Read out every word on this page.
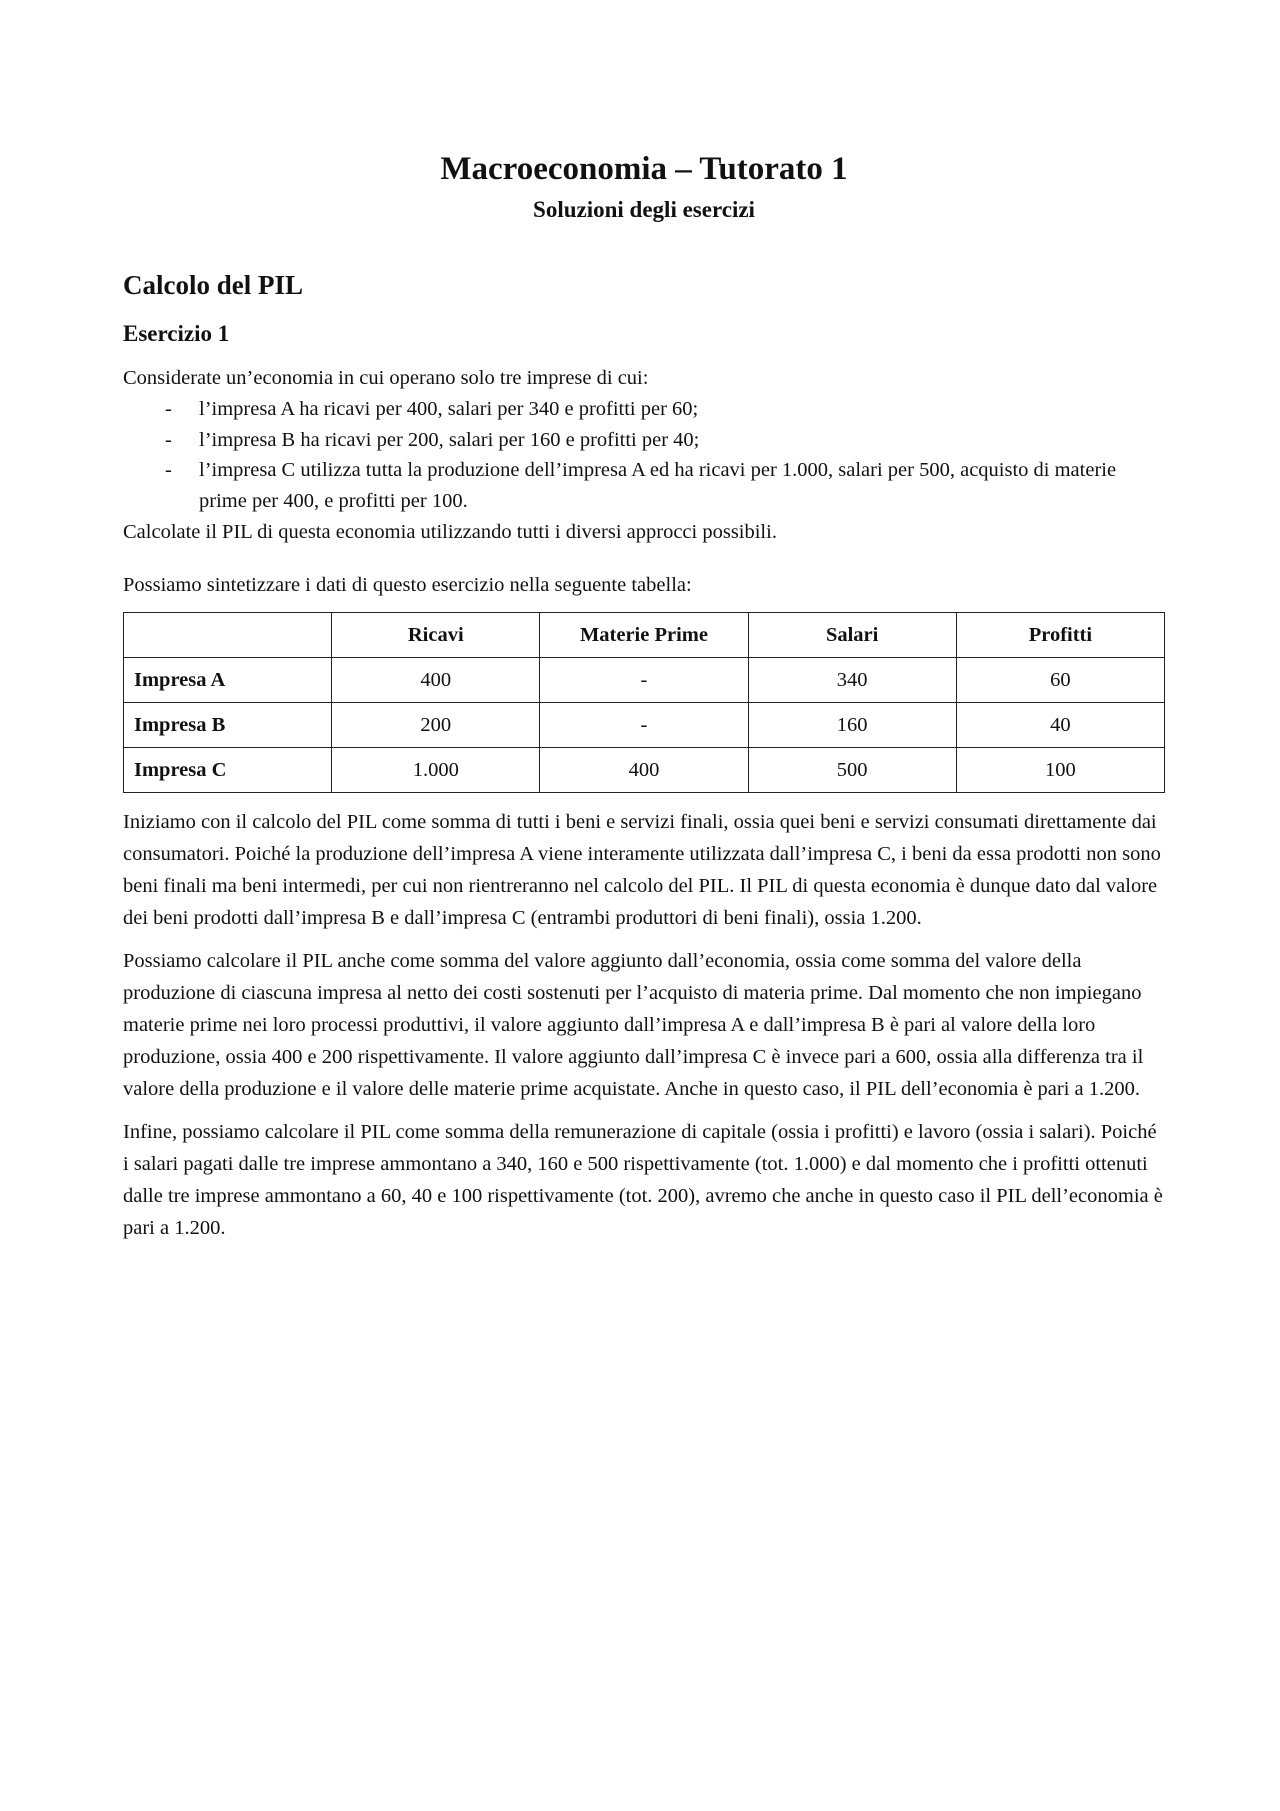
Macroeconomia – Tutorato 1
Soluzioni degli esercizi
Calcolo del PIL
Esercizio 1

Considerate un’economia in cui operano solo tre imprese di cui:

- l’impresa A ha ricavi per 400, salari per 340 e profitti per 60;
- l’impresa B ha ricavi per 200, salari per 160 e profitti per 40;
- l’impresa C utilizza tutta la produzione dell’impresa A ed ha ricavi per 1.000, salari per 500, acquisto di materie prime per 400, e profitti per 100.

Calcolate il PIL di questa economia utilizzando tutti i diversi approcci possibili.

Possiamo sintetizzare i dati di questo esercizio nella seguente tabella:

	Ricavi	Materie Prime	Salari	Profitti
Impresa A	400	-	340	60
Impresa B	200	-	160	40
Impresa C	1.000	400	500	100

Iniziamo con il calcolo del PIL come somma di tutti i beni e servizi finali, ossia quei beni e servizi consumati direttamente dai consumatori. Poiché la produzione dell’impresa A viene interamente utilizzata dall’impresa C, i beni da essa prodotti non sono beni finali ma beni intermedi, per cui non rientreranno nel calcolo del PIL. Il PIL di questa economia è dunque dato dal valore dei beni prodotti dall’impresa B e dall’impresa C (entrambi produttori di beni finali), ossia 1.200.

Possiamo calcolare il PIL anche come somma del valore aggiunto dall’economia, ossia come somma del valore della produzione di ciascuna impresa al netto dei costi sostenuti per l’acquisto di materia prime. Dal momento che non impiegano materie prime nei loro processi produttivi, il valore aggiunto dall’impresa A e dall’impresa B è pari al valore della loro produzione, ossia 400 e 200 rispettivamente. Il valore aggiunto dall’impresa C è invece pari a 600, ossia alla differenza tra il valore della produzione e il valore delle materie prime acquistate. Anche in questo caso, il PIL dell’economia è pari a 1.200.

Infine, possiamo calcolare il PIL come somma della remunerazione di capitale (ossia i profitti) e lavoro (ossia i salari). Poiché i salari pagati dalle tre imprese ammontano a 340, 160 e 500 rispettivamente (tot. 1.000) e dal momento che i profitti ottenuti dalle tre imprese ammontano a 60, 40 e 100 rispettivamente (tot. 200), avremo che anche in questo caso il PIL dell’economia è pari a 1.200.
